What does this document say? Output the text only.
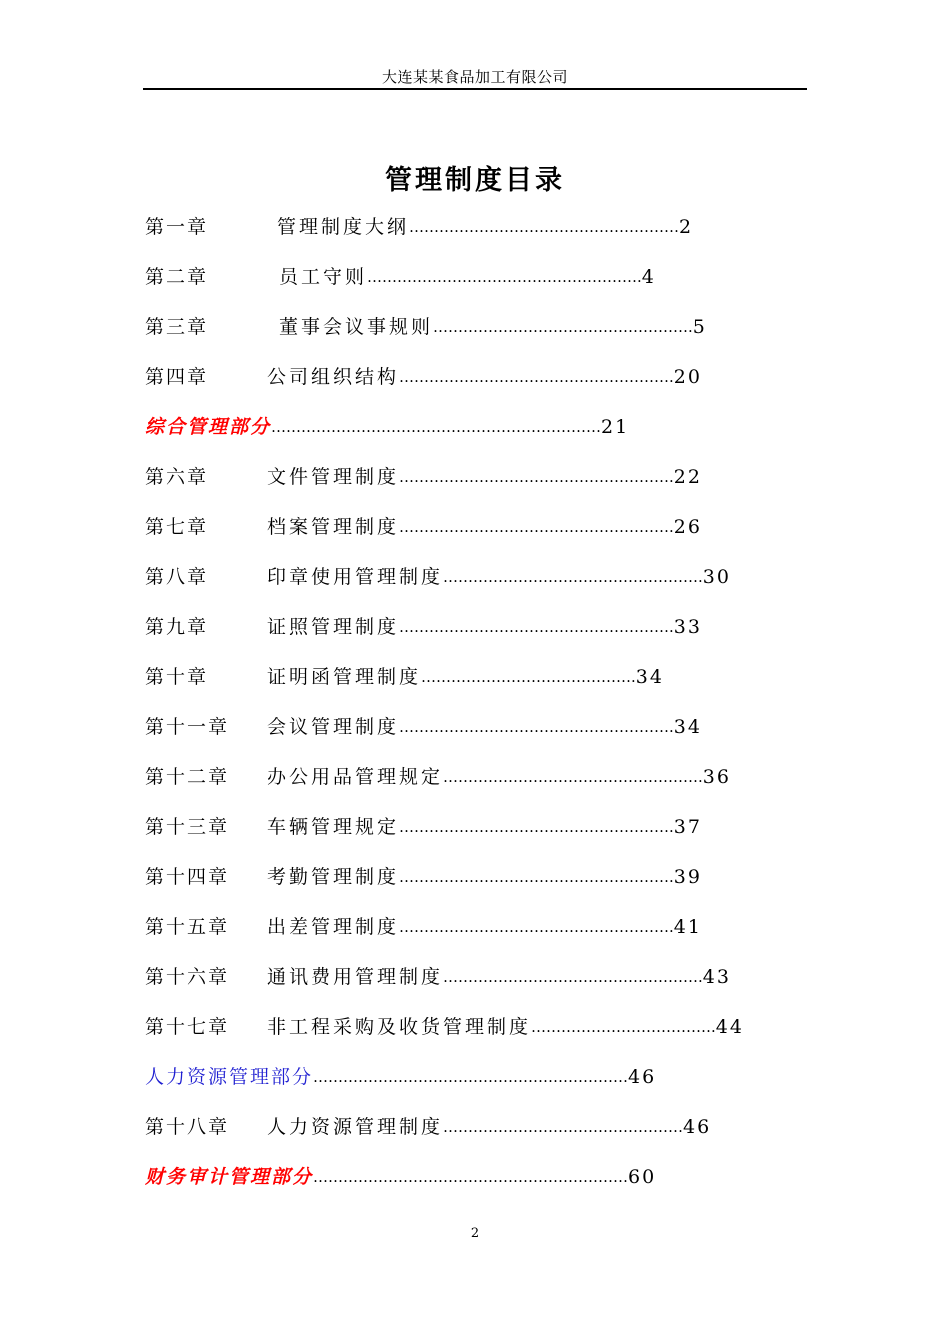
大连某某食品加工有限公司
管理制度目录
第一章	管理制度大纲………………………………………………2
第二章	员工守则……………………………………………….4
第三章	董事会议事规则…………………………………………….5
第四章	公司组织结构……………………………………………….20
综合管理部分…………………………………………………………21
第六章	文件管理制度……………………………………………….22
第七章	档案管理制度……………………………………………….26
第八章	印章使用管理制度…………………………………………….30
第九章	证照管理制度……………………………………………….33
第十章	证明函管理制度…………………………………….34
第十一章 会议管理制度……………………………………………….34
第十二章 办公用品管理规定…………………………………………….36
第十三章 车辆管理规定……………………………………………….37
第十四章 考勤管理制度……………………………………………….39
第十五章 出差管理制度……………………………………………….41
第十六章 通讯费用管理制度…………………………………………….43
第十七章 非工程采购及收货管理制度……………………………….44
人力资源管理部分………………………………………………………46
第十八章 人力资源管理制度…………………………………………46
财务审计管理部分………………………………………………………60
2
